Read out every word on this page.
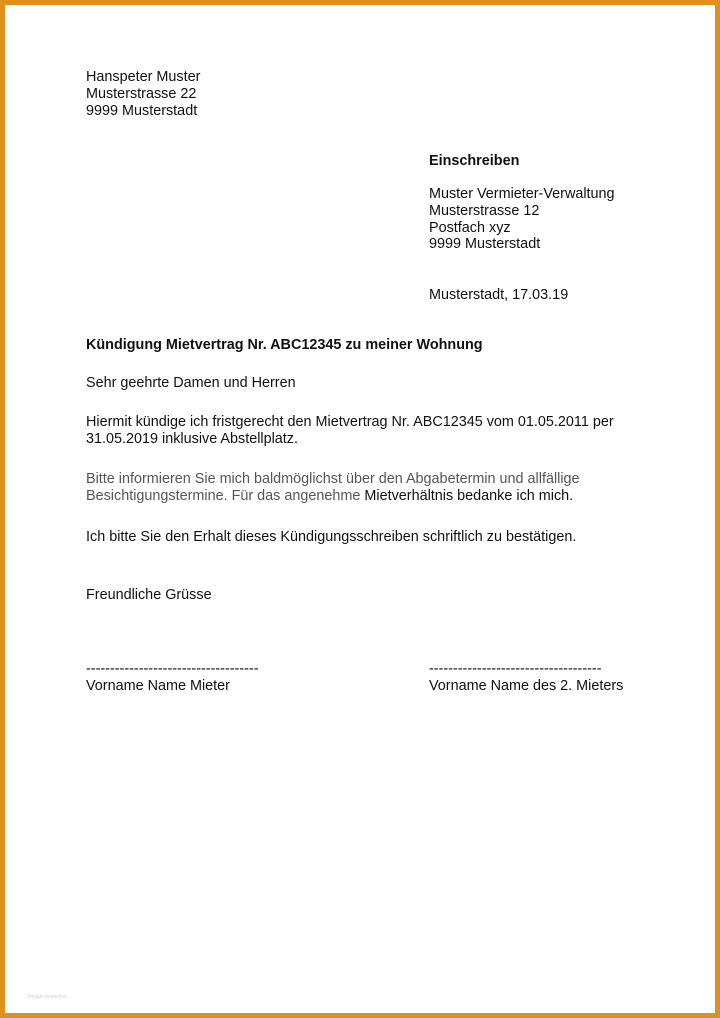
Hanspeter Muster
Musterstrasse 22
9999 Musterstadt
Einschreiben
Muster Vermieter-Verwaltung
Musterstrasse 12
Postfach xyz
9999 Musterstadt
Musterstadt, 17.03.19
Kündigung Mietvertrag Nr. ABC12345 zu meiner Wohnung
Sehr geehrte Damen und Herren
Hiermit kündige ich fristgerecht den Mietvertrag Nr. ABC12345 vom 01.05.2011 per
31.05.2019 inklusive Abstellplatz.
Bitte informieren Sie mich baldmöglichst über den Abgabetermin und allfällige
Besichtigungstermine. Für das angenehme Mietverhältnis bedanke ich mich.
Ich bitte Sie den Erhalt dieses Kündigungsschreiben schriftlich zu bestätigen.
Freundliche Grüsse
------------------------------------
Vorname Name Mieter
------------------------------------
Vorname Name des 2. Mieters
Vorlage kostenlos
